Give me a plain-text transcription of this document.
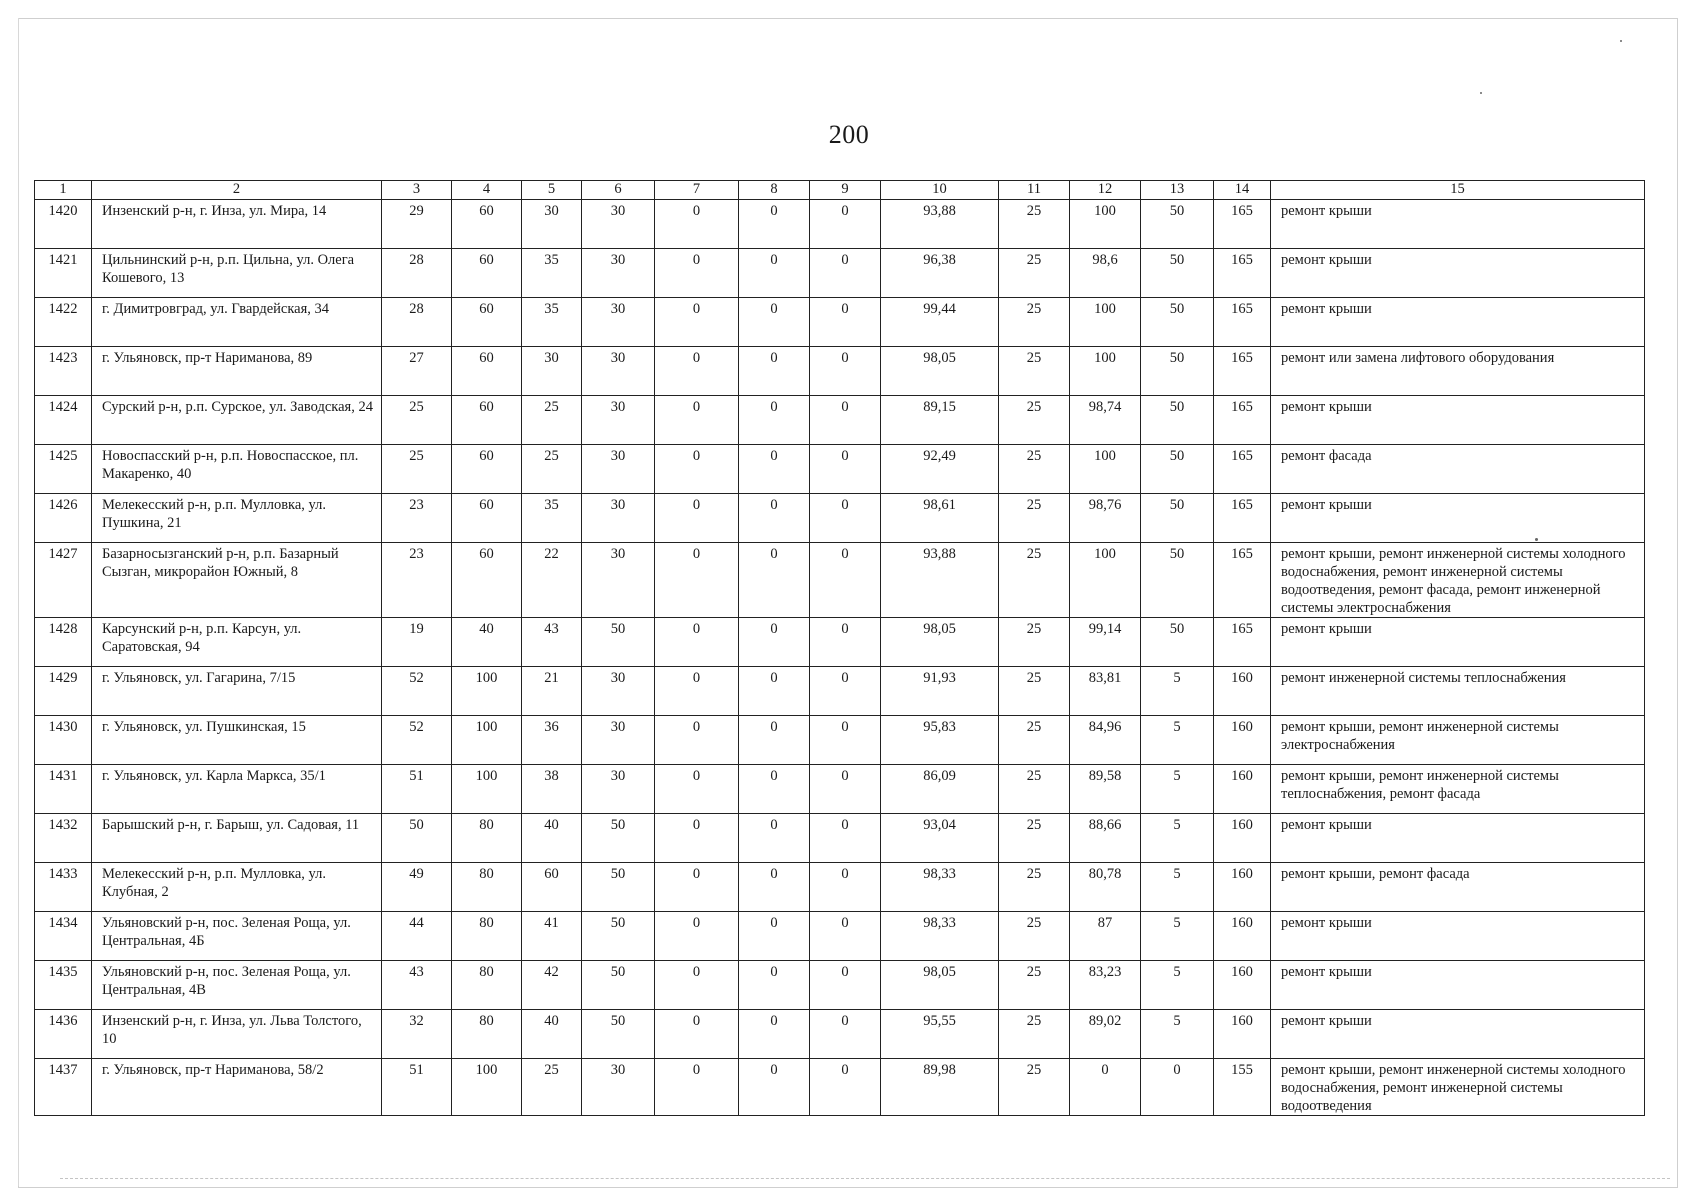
200
1	2	3	4	5	6	7	8	9	10	11	12	13	14	15
1420	Инзенский р-н, г. Инза, ул. Мира, 14	29	60	30	30	0	0	0	93,88	25	100	50	165	ремонт крыши
1421	Цильнинский р-н, р.п. Цильна, ул. Олега Кошевого, 13	28	60	35	30	0	0	0	96,38	25	98,6	50	165	ремонт крыши
1422	г. Димитровград, ул. Гвардейская, 34	28	60	35	30	0	0	0	99,44	25	100	50	165	ремонт крыши
1423	г. Ульяновск, пр-т Нариманова, 89	27	60	30	30	0	0	0	98,05	25	100	50	165	ремонт или замена лифтового оборудования
1424	Сурский р-н, р.п. Сурское, ул. Заводская, 24	25	60	25	30	0	0	0	89,15	25	98,74	50	165	ремонт крыши
1425	Новоспасский р-н, р.п. Новоспасское, пл. Макаренко, 40	25	60	25	30	0	0	0	92,49	25	100	50	165	ремонт фасада
1426	Мелекесский р-н, р.п. Мулловка, ул. Пушкина, 21	23	60	35	30	0	0	0	98,61	25	98,76	50	165	ремонт крыши
1427	Базарносызганский р-н, р.п. Базарный Сызган, микрорайон Южный, 8	23	60	22	30	0	0	0	93,88	25	100	50	165	ремонт крыши, ремонт инженерной системы холодного водоснабжения, ремонт инженерной системы водоотведения, ремонт фасада, ремонт инженерной системы электроснабжения
1428	Карсунский р-н, р.п. Карсун, ул. Саратовская, 94	19	40	43	50	0	0	0	98,05	25	99,14	50	165	ремонт крыши
1429	г. Ульяновск, ул. Гагарина, 7/15	52	100	21	30	0	0	0	91,93	25	83,81	5	160	ремонт инженерной системы теплоснабжения
1430	г. Ульяновск, ул. Пушкинская, 15	52	100	36	30	0	0	0	95,83	25	84,96	5	160	ремонт крыши, ремонт инженерной системы электроснабжения
1431	г. Ульяновск, ул. Карла Маркса, 35/1	51	100	38	30	0	0	0	86,09	25	89,58	5	160	ремонт крыши, ремонт инженерной системы теплоснабжения, ремонт фасада
1432	Барышский р-н, г. Барыш, ул. Садовая, 11	50	80	40	50	0	0	0	93,04	25	88,66	5	160	ремонт крыши
1433	Мелекесский р-н, р.п. Мулловка, ул. Клубная, 2	49	80	60	50	0	0	0	98,33	25	80,78	5	160	ремонт крыши, ремонт фасада
1434	Ульяновский р-н, пос. Зеленая Роща, ул. Центральная, 4Б	44	80	41	50	0	0	0	98,33	25	87	5	160	ремонт крыши
1435	Ульяновский р-н, пос. Зеленая Роща, ул. Центральная, 4В	43	80	42	50	0	0	0	98,05	25	83,23	5	160	ремонт крыши
1436	Инзенский р-н, г. Инза, ул. Льва Толстого, 10	32	80	40	50	0	0	0	95,55	25	89,02	5	160	ремонт крыши
1437	г. Ульяновск, пр-т Нариманова, 58/2	51	100	25	30	0	0	0	89,98	25	0	0	155	ремонт крыши, ремонт инженерной системы холодного водоснабжения, ремонт инженерной системы водоотведения
